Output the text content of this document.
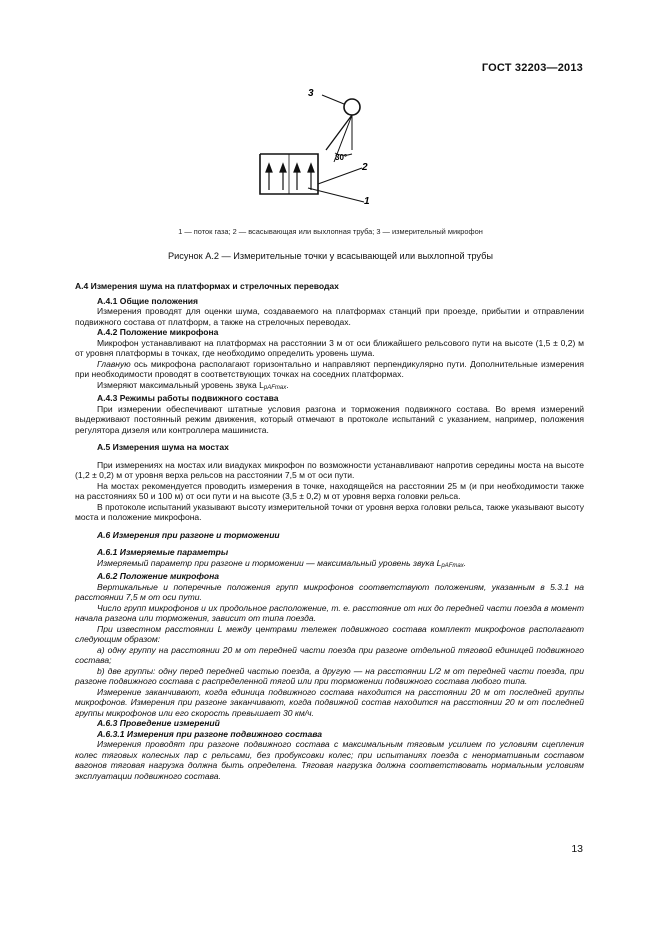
ГОСТ 32203—2013
3
30°
2
1
1 — поток газа; 2 — всасывающая или выхлопная труба; 3 — измерительный микрофон
Рисунок А.2 — Измерительные точки у всасывающей или выхлопной трубы

А.4 Измерения шума на платформах и стрелочных переводах

А.4.1 Общие положения

Измерения проводят для оценки шума, создаваемого на платформах станций при проезде, прибытии и отправлении подвижного состава от платформ, а также на стрелочных переводах.

А.4.2 Положение микрофона

Микрофон устанавливают на платформах на расстоянии 3 м от оси ближайшего рельсового пути на высоте (1,5 ± 0,2) м от уровня платформы в точках, где необходимо определить уровень шума.

Главную ось микрофона располагают горизонтально и направляют перпендикулярно пути. Дополнительные измерения при необходимости проводят в соответствующих точках на соседних платформах.

Измеряют максимальный уровень звука $L_{pAFmax}$.

А.4.3 Режимы работы подвижного состава

При измерении обеспечивают штатные условия разгона и торможения подвижного состава. Во время измерений выдерживают постоянный режим движения, который отмечают в протоколе испытаний с указанием, например, положения регулятора дизеля или контроллера машиниста.

А.5 Измерения шума на мостах

При измерениях на мостах или виадуках микрофон по возможности устанавливают напротив середины моста на высоте (1,2 ± 0,2) м от уровня верха рельсов на расстоянии 7,5 м от оси пути.

На мостах рекомендуется проводить измерения в точке, находящейся на расстоянии 25 м (и при необходимости также на расстояниях 50 и 100 м) от оси пути и на высоте (3,5 ± 0,2) м от уровня верха головки рельса.

В протоколе испытаний указывают высоту измерительной точки от уровня верха головки рельса, также указывают высоту моста и положение микрофона.

А.6 Измерения при разгоне и торможении

А.6.1 Измеряемые параметры

Измеряемый параметр при разгоне и торможении — максимальный уровень звука $L_{pAFmax}$.

А.6.2 Положение микрофона

Вертикальные и поперечные положения групп микрофонов соответствуют положениям, указанным в 5.3.1 на расстоянии 7,5 м от оси пути.

Число групп микрофонов и их продольное расположение, т. е. расстояние от них до передней части поезда в момент начала разгона или торможения, зависит от типа поезда.

При известном расстоянии L между центрами тележек подвижного состава комплект микрофонов располагают следующим образом:

а) одну группу на расстоянии 20 м от передней части поезда при разгоне отдельной тяговой единицей подвижного состава;

b) две группы: одну перед передней частью поезда, а другую — на расстоянии L/2 м от передней части поезда, при разгоне подвижного состава с распределенной тягой или при торможении подвижного состава любого типа.

Измерение заканчивают, когда единица подвижного состава находится на расстоянии 20 м от последней группы микрофонов. Измерения при разгоне заканчивают, когда подвижной состав находится на расстоянии 20 м от последней группы микрофонов или его скорость превышает 30 км/ч.

А.6.3 Проведение измерений

А.6.3.1 Измерения при разгоне подвижного состава

Измерения проводят при разгоне подвижного состава с максимальным тяговым усилием по условиям сцепления колес тяговых колесных пар с рельсами, без пробуксовки колес; при испытаниях поезда с ненормативным составом вагонов тяговая нагрузка должна быть определена. Тяговая нагрузка должна соответствовать нормальным условиям эксплуатации подвижного состава.

13
